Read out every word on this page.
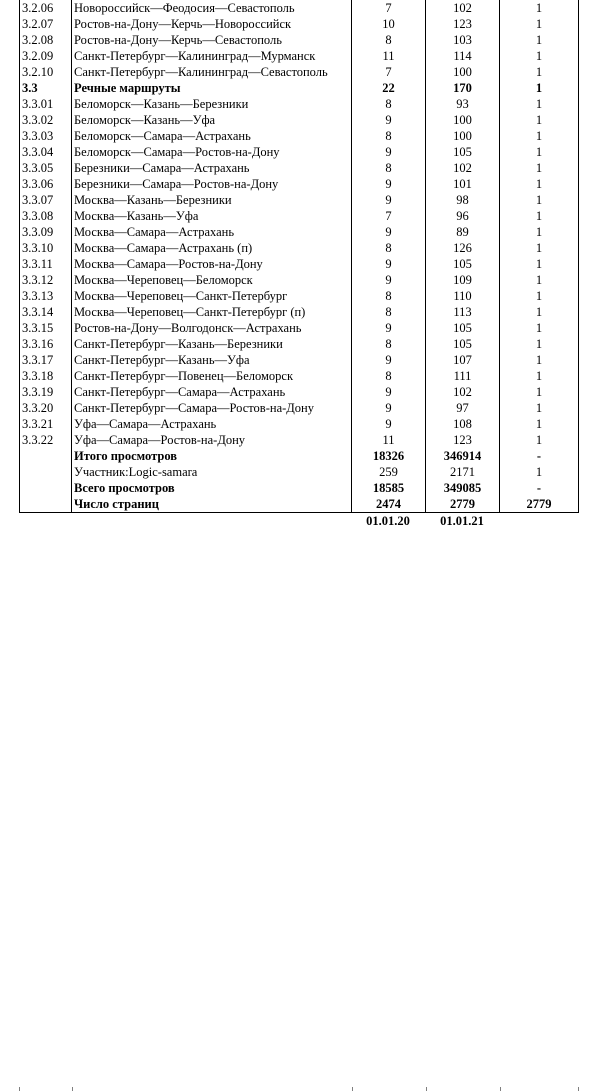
3.2.06	Новороссийск—Феодосия—Севастополь	7	102	1
3.2.07	Ростов-на-Дону—Керчь—Новороссийск	10	123	1
3.2.08	Ростов-на-Дону—Керчь—Севастополь	8	103	1
3.2.09	Санкт-Петербург—Калининград—Мурманск	11	114	1
3.2.10	Санкт-Петербург—Калининград—Севастополь	7	100	1
3.3	Речные маршруты	22	170	1
3.3.01	Беломорск—Казань—Березники	8	93	1
3.3.02	Беломорск—Казань—Уфа	9	100	1
3.3.03	Беломорск—Самара—Астрахань	8	100	1
3.3.04	Беломорск—Самара—Ростов-на-Дону	9	105	1
3.3.05	Березники—Самара—Астрахань	8	102	1
3.3.06	Березники—Самара—Ростов-на-Дону	9	101	1
3.3.07	Москва—Казань—Березники	9	98	1
3.3.08	Москва—Казань—Уфа	7	96	1
3.3.09	Москва—Самара—Астрахань	9	89	1
3.3.10	Москва—Самара—Астрахань (п)	8	126	1
3.3.11	Москва—Самара—Ростов-на-Дону	9	105	1
3.3.12	Москва—Череповец—Беломорск	9	109	1
3.3.13	Москва—Череповец—Санкт-Петербург	8	110	1
3.3.14	Москва—Череповец—Санкт-Петербург (п)	8	113	1
3.3.15	Ростов-на-Дону—Волгодонск—Астрахань	9	105	1
3.3.16	Санкт-Петербург—Казань—Березники	8	105	1
3.3.17	Санкт-Петербург—Казань—Уфа	9	107	1
3.3.18	Санкт-Петербург—Повенец—Беломорск	8	111	1
3.3.19	Санкт-Петербург—Самара—Астрахань	9	102	1
3.3.20	Санкт-Петербург—Самара—Ростов-на-Дону	9	97	1
3.3.21	Уфа—Самара—Астрахань	9	108	1
3.3.22	Уфа—Самара—Ростов-на-Дону	11	123	1
	Итого просмотров	18326	346914	-
	Участник:Logic-samara	259	2171	1
	Всего просмотров	18585	349085	-
	Число страниц	2474	2779	2779
		01.01.20	01.01.21	
